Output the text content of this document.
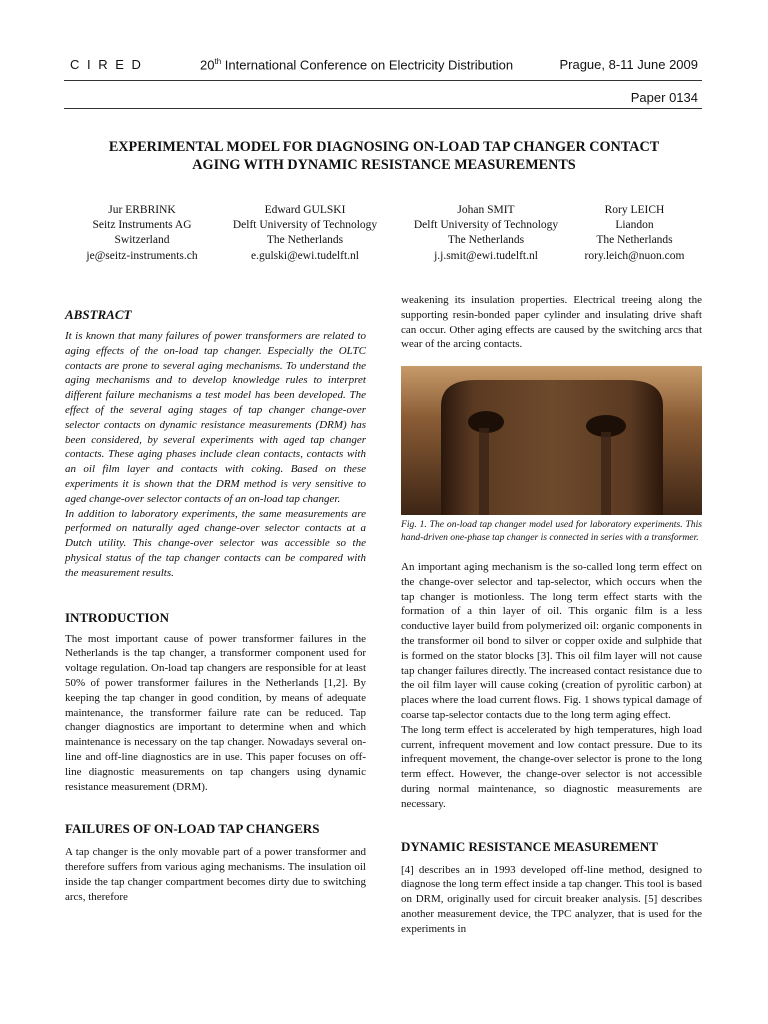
C I R E D	20th International Conference on Electricity Distribution	Prague, 8-11 June 2009
Paper 0134
EXPERIMENTAL MODEL FOR DIAGNOSING ON-LOAD TAP CHANGER CONTACT
AGING WITH DYNAMIC RESISTANCE MEASUREMENTS
Jur ERBRINK
Seitz Instruments AG
Switzerland
je@seitz-instruments.ch
Edward GULSKI
Delft University of Technology
The Netherlands
e.gulski@ewi.tudelft.nl
Johan SMIT
Delft University of Technology
The Netherlands
j.j.smit@ewi.tudelft.nl
Rory LEICH
Liandon
The Netherlands
rory.leich@nuon.com
ABSTRACT

It is known that many failures of power transformers are related to aging effects of the on-load tap changer. Especially the OLTC contacts are prone to several aging mechanisms. To understand the aging mechanisms and to develop knowledge rules to interpret different failure mechanisms a test model has been developed. The effect of the several aging stages of tap changer change-over selector contacts on dynamic resistance measurements (DRM) has been considered, by several experiments with aged tap changer contacts. These aging phases include clean contacts, contacts with an oil film layer and contacts with coking. Based on these experiments it is shown that the DRM method is very sensitive to aged change-over selector contacts of an on-load tap changer.

In addition to laboratory experiments, the same measurements are performed on naturally aged change-over selector contacts at a Dutch utility. This change-over selector was accessible so the physical status of the tap changer contacts can be compared with the measurement results.

INTRODUCTION

The most important cause of power transformer failures in the Netherlands is the tap changer, a transformer component used for voltage regulation. On-load tap changers are responsible for at least 50% of power transformer failures in the Netherlands [1,2]. By keeping the tap changer in good condition, by means of adequate maintenance, the transformer failure rate can be reduced. Tap changer diagnostics are important to determine when and which maintenance is necessary on the tap changer. Nowadays several on-line and off-line diagnostics are in use. This paper focuses on off-line diagnostic measurements on tap changers using dynamic resistance measurement (DRM).

FAILURES OF ON-LOAD TAP CHANGERS

A tap changer is the only movable part of a power transformer and therefore suffers from various aging mechanisms. The insulation oil inside the tap changer compartment becomes dirty due to switching arcs, therefore

weakening its insulation properties. Electrical treeing along the supporting resin-bonded paper cylinder and insulating drive shaft can occur. Other aging effects are caused by the switching arcs that wear of the arcing contacts.

Fig. 1. The on-load tap changer model used for laboratory experiments. This hand-driven one-phase tap changer is connected in series with a transformer.

An important aging mechanism is the so-called long term effect on the change-over selector and tap-selector, which occurs when the tap changer is motionless. The long term effect starts with the formation of a thin layer of oil. This organic film is a less conductive layer build from polymerized oil: organic components in the transformer oil bond to silver or copper oxide and sulphide that is formed on the stator blocks [3]. This oil film layer will not cause tap changer failures directly. The increased contact resistance due to the oil film layer will cause coking (creation of pyrolitic carbon) at places where the load current flows. Fig. 1 shows typical damage of coarse tap-selector contacts due to the long term aging effect.

The long term effect is accelerated by high temperatures, high load current, infrequent movement and low contact pressure. Due to its infrequent movement, the change-over selector is prone to the long term effect. However, the change-over selector is not accessible during normal maintenance, so diagnostic measurements are necessary.

DYNAMIC RESISTANCE MEASUREMENT

[4] describes an in 1993 developed off-line method, designed to diagnose the long term effect inside a tap changer. This tool is based on DRM, originally used for circuit breaker analysis. [5] describes another measurement device, the TPC analyzer, that is used for the experiments in
